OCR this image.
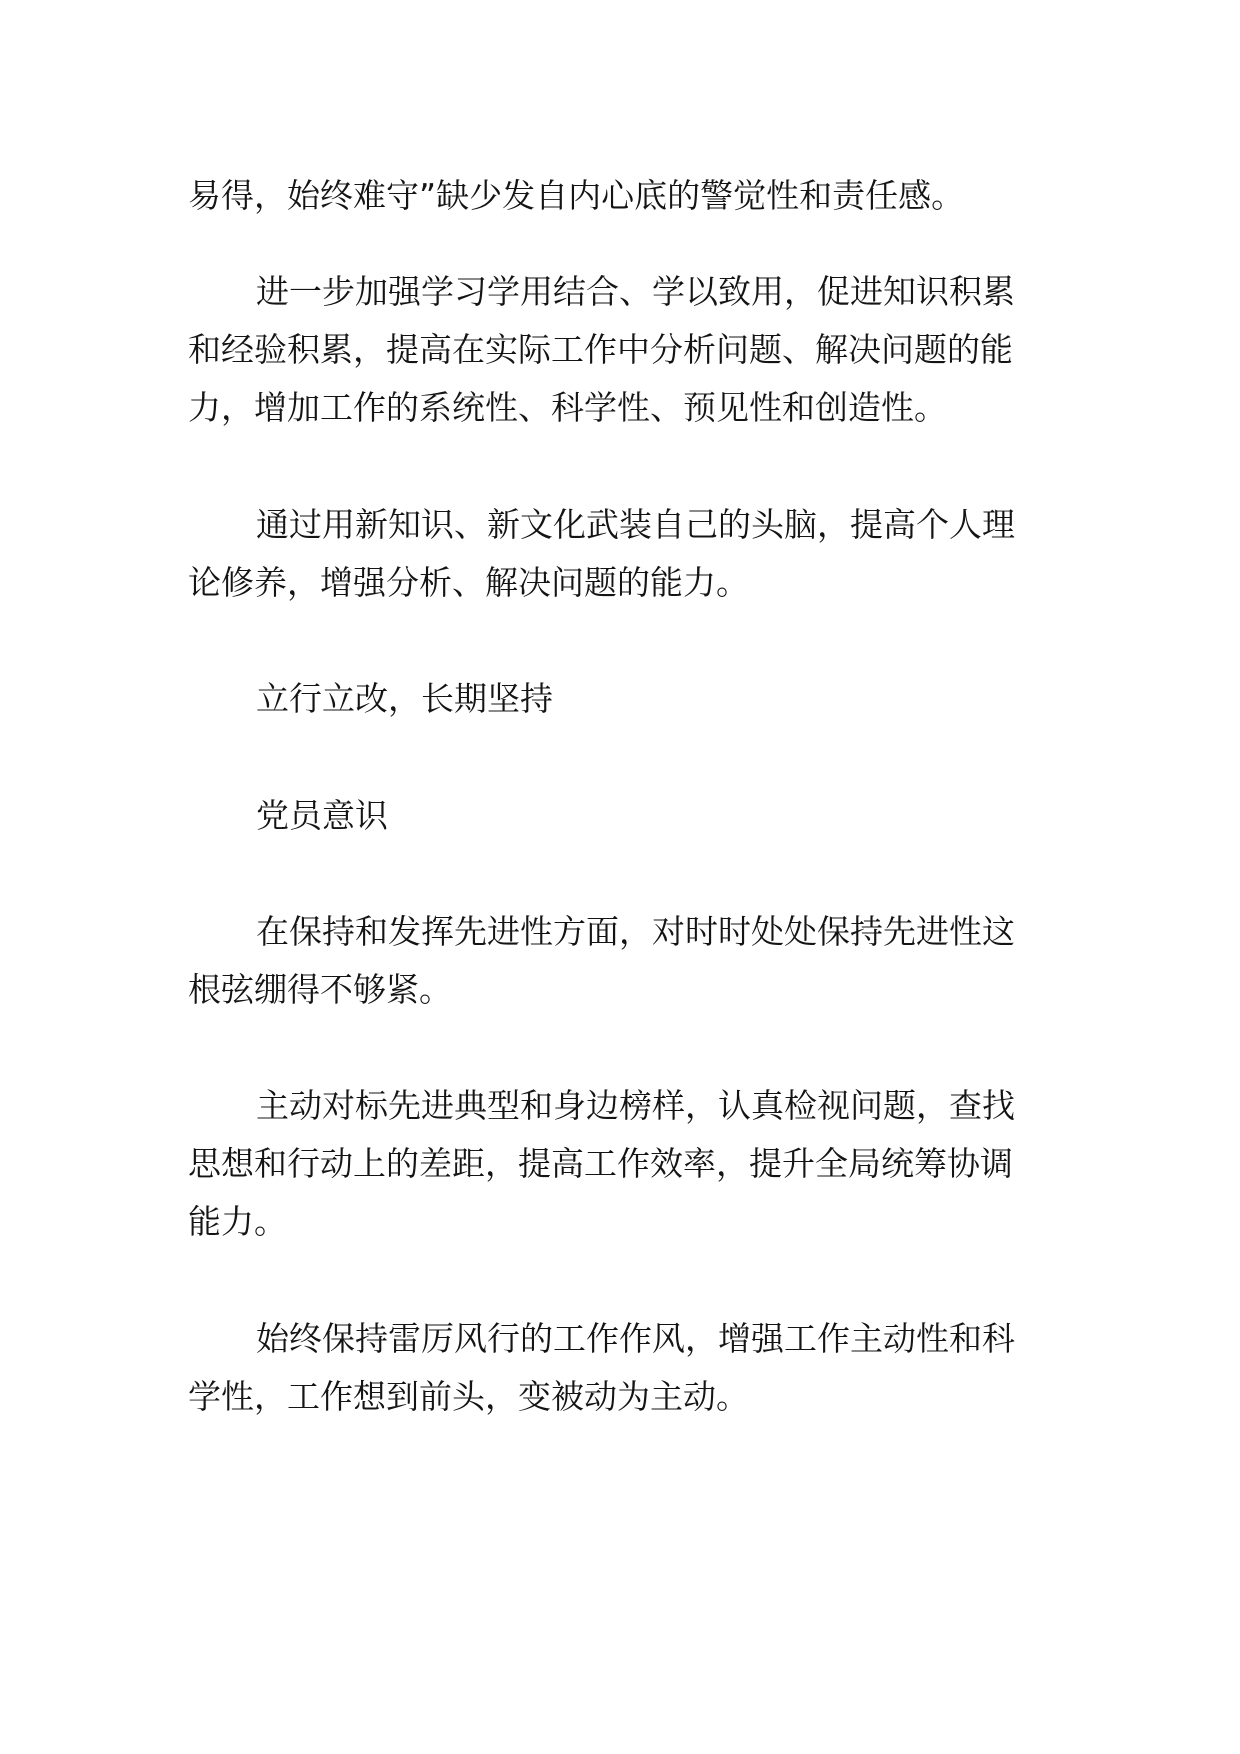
易得，始终难守”缺少发自内心底的警觉性和责任感。

进一步加强学习学用结合、学以致用，促进知识积累

和经验积累，提高在实际工作中分析问题、解决问题的能

力，增加工作的系统性、科学性、预见性和创造性。

通过用新知识、新文化武装自己的头脑，提高个人理

论修养，增强分析、解决问题的能力。

立行立改，长期坚持

党员意识

在保持和发挥先进性方面，对时时处处保持先进性这

根弦绷得不够紧。

主动对标先进典型和身边榜样，认真检视问题，查找

思想和行动上的差距，提高工作效率，提升全局统筹协调

能力。

始终保持雷厉风行的工作作风，增强工作主动性和科

学性，工作想到前头，变被动为主动。
